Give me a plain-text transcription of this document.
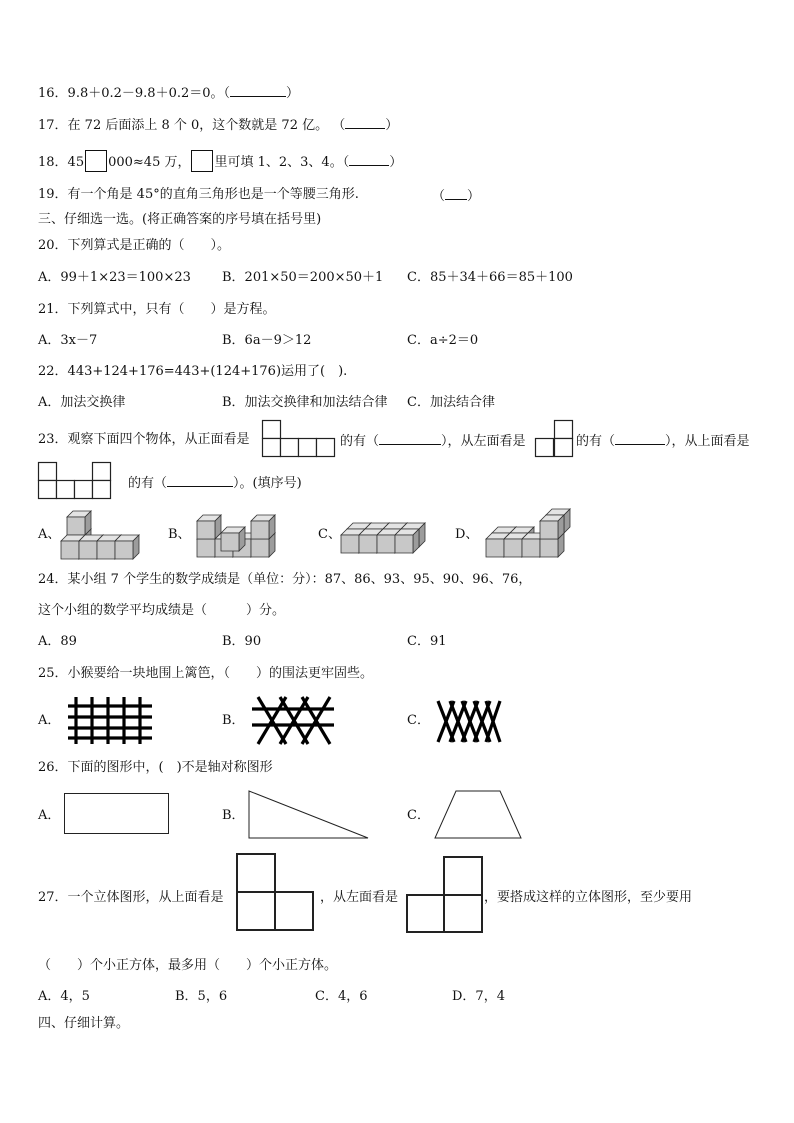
16．9.8＋0.2－9.8＋0.2＝0。（	）
17．在 72 后面添上 8 个 0，这个数就是 72 亿。 （	）
18．45 000≈45 万， 里可填 1、2、3、4。（	）
19．有一个角是 45°的直角三角形也是一个等腰三角形.	（ ）
三、仔细选一选。(将正确答案的序号填在括号里)
20．下列算式是正确的（　　）。
A．99＋1×23＝100×23 B．201×50＝200×50＋1 C．85＋34＋66＝85＋100
21．下列算式中，只有（　　）是方程。
A．3x－7	B．6a－9＞12	C．a÷2＝0
22．443+124+176=443+(124+176)运用了(　).
A．加法交换律	B．加法交换律和加法结合律 C．加法结合律
23．观察下面四个物体，从正面看是	的有（	），从左面看是	的有（	），从上面看是
的有（	）。(填序号)
A、	B、	C、	D、
24．某小组 7 个学生的数学成绩是（单位：分）：87、86、93、95、90、96、76，
这个小组的数学平均成绩是（　　　）分。
A．89	B．90	C．91
25．小猴要给一块地围上篱笆，（　　）的围法更牢固些。
A．	B．	C．
26．下面的图形中，(　)不是轴对称图形
A．	B．	C．
27．一个立体图形，从上面看是	，从左面看是	，要搭成这样的立体图形，至少要用
（　　）个小正方体，最多用（　　）个小正方体。
A．4，5	B．5，6	C．4，6	D．7，4
四、仔细计算。
